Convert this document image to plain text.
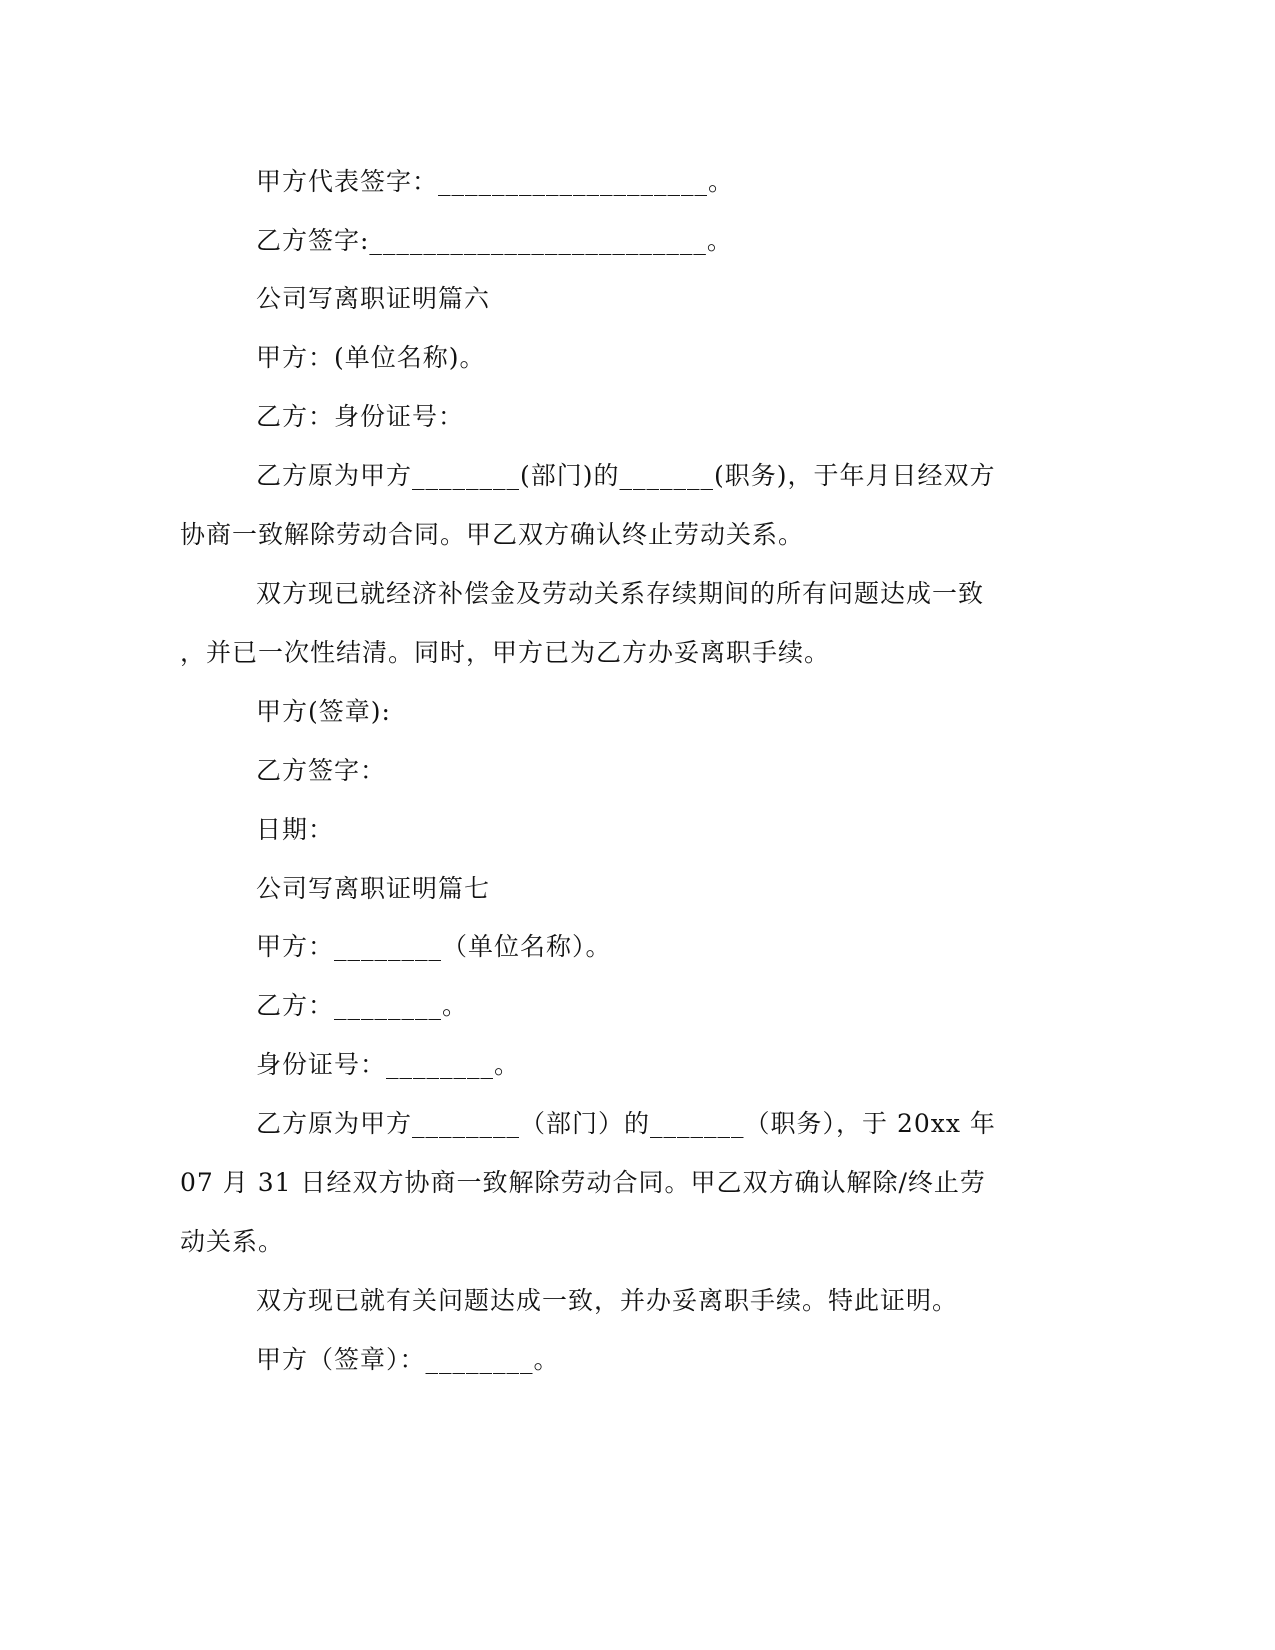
甲方代表签字：____________________。
乙方签字:_________________________。
公司写离职证明篇六
甲方：(单位名称)。
乙方：身份证号：
乙方原为甲方________(部门)的_______(职务)，于年月日经双方
协商一致解除劳动合同。甲乙双方确认终止劳动关系。
双方现已就经济补偿金及劳动关系存续期间的所有问题达成一致
，并已一次性结清。同时，甲方已为乙方办妥离职手续。
甲方(签章):
乙方签字：
日期：
公司写离职证明篇七
甲方：________（单位名称）。
乙方：________。
身份证号：________。
乙方原为甲方________（部门）的_______（职务），于 20xx 年
07 月 31 日经双方协商一致解除劳动合同。甲乙双方确认解除/终止劳
动关系。
双方现已就有关问题达成一致，并办妥离职手续。特此证明。
甲方（签章）：________。
